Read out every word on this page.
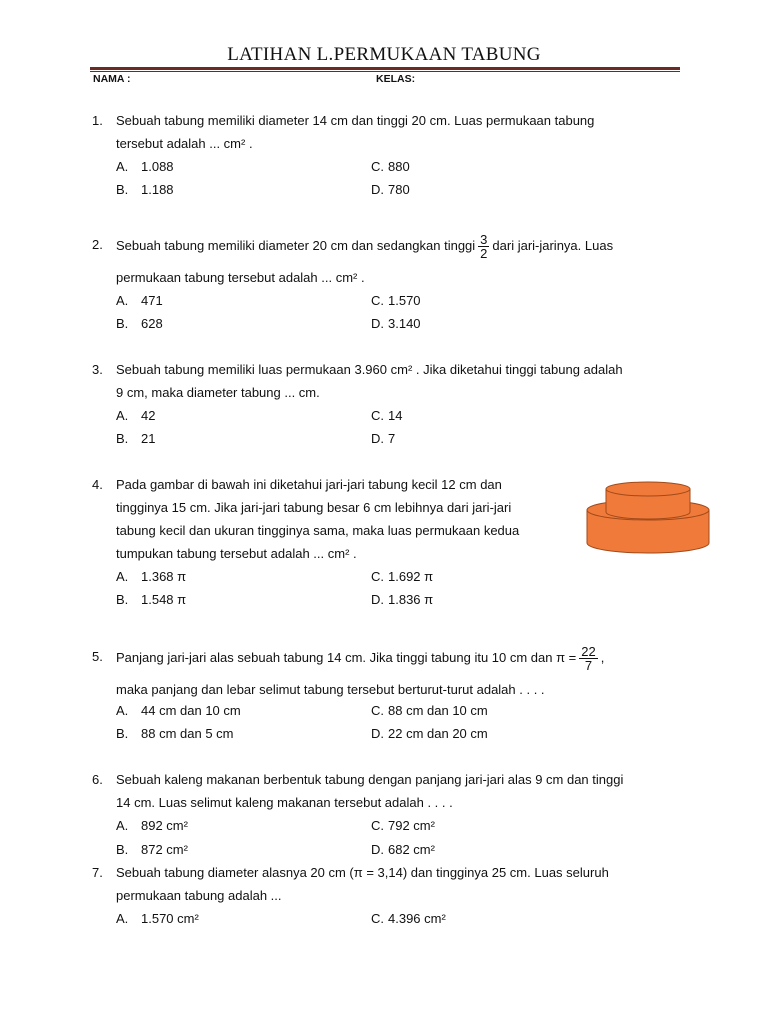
LATIHAN L.PERMUKAAN TABUNG
NAMA :	KELAS:
1. Sebuah tabung memiliki diameter 14 cm dan tinggi 20 cm. Luas permukaan tabung
tersebut adalah ... cm² .
A. 1.088
B. 1.188
C. 880
D. 780
2. Sebuah tabung memiliki diameter 20 cm dan sedangkan tinggi $\frac{3}{2}$ dari jari-jarinya. Luas
permukaan tabung tersebut adalah ... cm² .
A. 471
B. 628
C. 1.570
D. 3.140
3. Sebuah tabung memiliki luas permukaan 3.960 cm² . Jika diketahui tinggi tabung adalah
9 cm, maka diameter tabung ... cm.
A. 42
B. 21
C. 14
D. 7
4. Pada gambar di bawah ini diketahui jari-jari tabung kecil 12 cm dan
tingginya 15 cm. Jika jari-jari tabung besar 6 cm lebihnya dari jari-jari
tabung kecil dan ukuran tingginya sama, maka luas permukaan kedua
tumpukan tabung tersebut adalah ... cm² .
A. 1.368 π
B. 1.548 π
C. 1.692 π
D. 1.836 π
5. Panjang jari-jari alas sebuah tabung 14 cm. Jika tinggi tabung itu 10 cm dan $\pi = \frac{22}{7}$ ,
maka panjang dan lebar selimut tabung tersebut berturut-turut adalah . . . .
A. 44 cm dan 10 cm
B. 88 cm dan 5 cm
C. 88 cm dan 10 cm
D. 22 cm dan 20 cm
6. Sebuah kaleng makanan berbentuk tabung dengan panjang jari-jari alas 9 cm dan tinggi
14 cm. Luas selimut kaleng makanan tersebut adalah . . . .
A. 892 cm²
B. 872 cm²
C. 792 cm²
D. 682 cm²
7. Sebuah tabung diameter alasnya 20 cm (π = 3,14) dan tingginya 25 cm. Luas seluruh
permukaan tabung adalah ...
A. 1.570 cm²	C. 4.396 cm²
